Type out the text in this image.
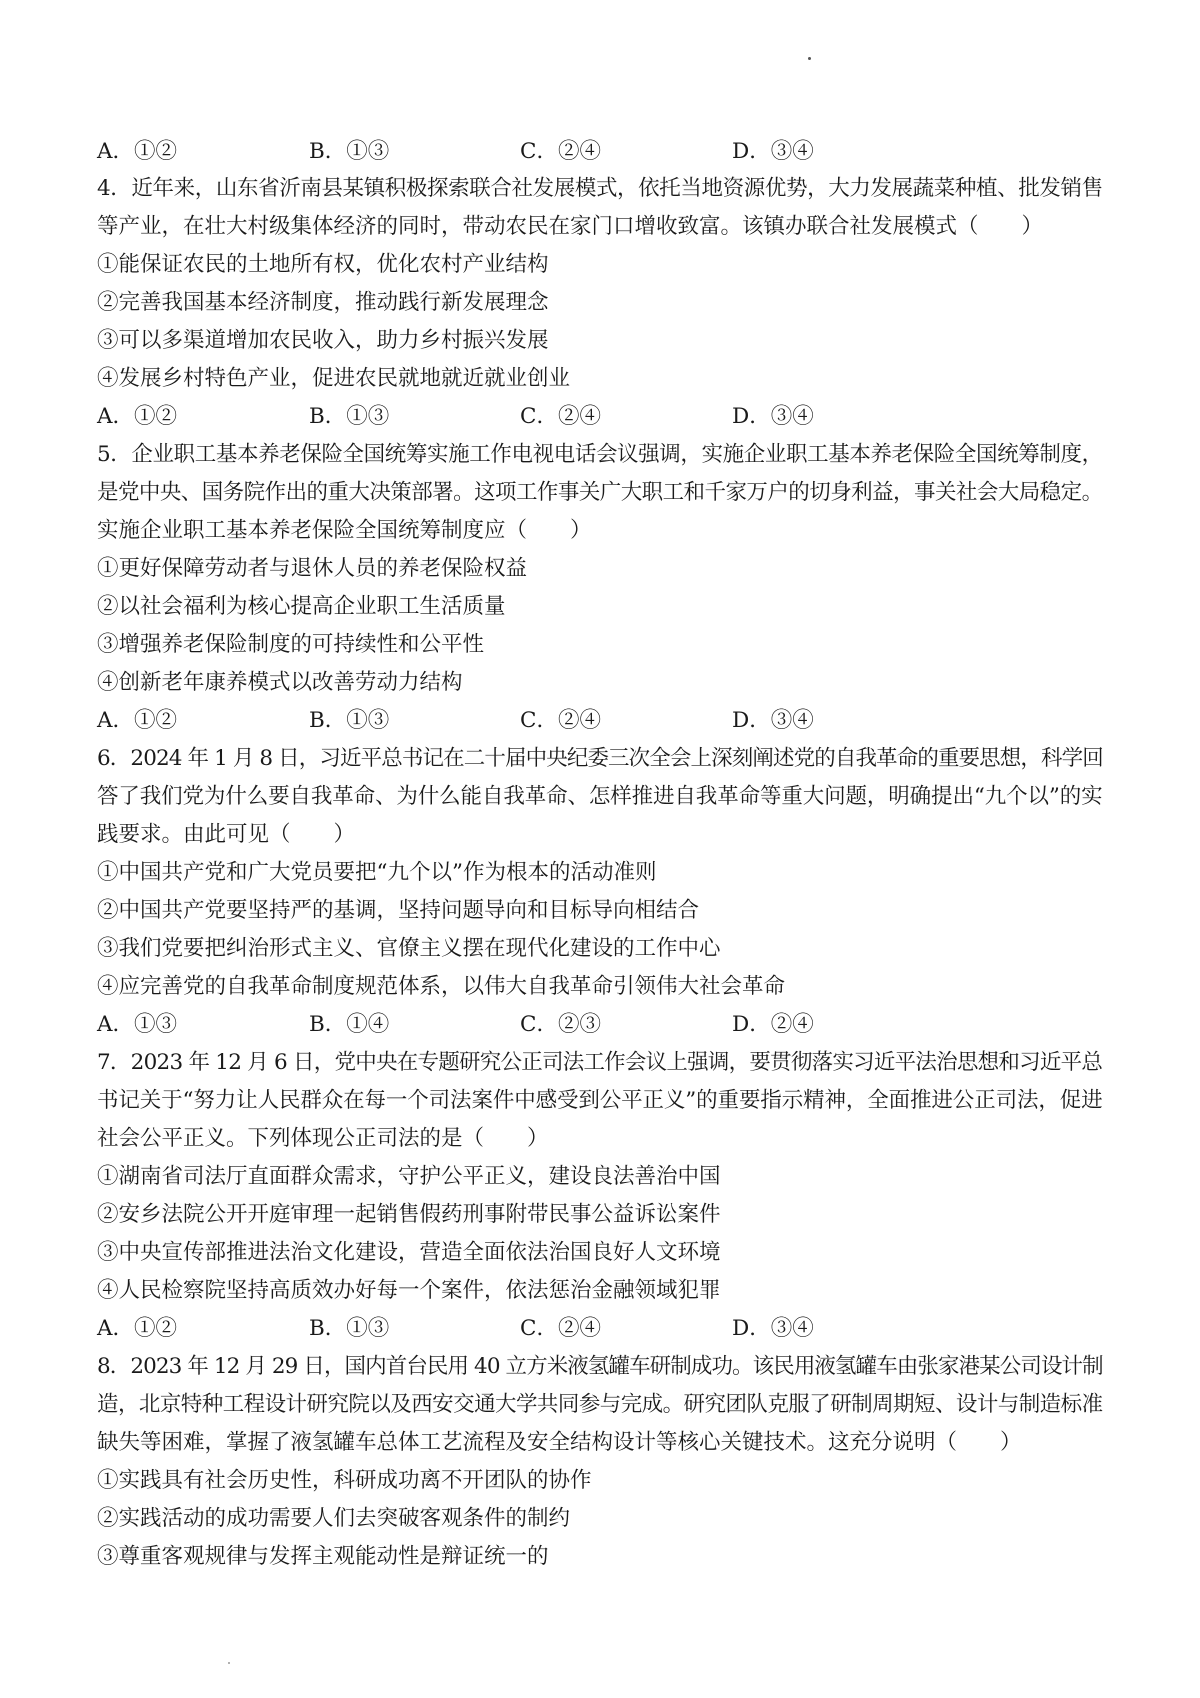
A．①②	B．①③	C．②④	D．③④
4．近年来，山东省沂南县某镇积极探索联合社发展模式，依托当地资源优势，大力发展蔬菜种植、批发销售
等产业，在壮大村级集体经济的同时，带动农民在家门口增收致富。该镇办联合社发展模式（　　）
①能保证农民的土地所有权，优化农村产业结构
②完善我国基本经济制度，推动践行新发展理念
③可以多渠道增加农民收入，助力乡村振兴发展
④发展乡村特色产业，促进农民就地就近就业创业
A．①②	B．①③	C．②④	D．③④
5．企业职工基本养老保险全国统筹实施工作电视电话会议强调，实施企业职工基本养老保险全国统筹制度，
是党中央、国务院作出的重大决策部署。这项工作事关广大职工和千家万户的切身利益，事关社会大局稳定。
实施企业职工基本养老保险全国统筹制度应（　　）
①更好保障劳动者与退休人员的养老保险权益
②以社会福利为核心提高企业职工生活质量
③增强养老保险制度的可持续性和公平性
④创新老年康养模式以改善劳动力结构
A．①②	B．①③	C．②④	D．③④
6．2024 年 1 月 8 日，习近平总书记在二十届中央纪委三次全会上深刻阐述党的自我革命的重要思想，科学回
答了我们党为什么要自我革命、为什么能自我革命、怎样推进自我革命等重大问题，明确提出“九个以”的实
践要求。由此可见（　　）
①中国共产党和广大党员要把“九个以”作为根本的活动准则
②中国共产党要坚持严的基调，坚持问题导向和目标导向相结合
③我们党要把纠治形式主义、官僚主义摆在现代化建设的工作中心
④应完善党的自我革命制度规范体系，以伟大自我革命引领伟大社会革命
A．①③	B．①④	C．②③	D．②④
7．2023 年 12 月 6 日，党中央在专题研究公正司法工作会议上强调，要贯彻落实习近平法治思想和习近平总
书记关于“努力让人民群众在每一个司法案件中感受到公平正义”的重要指示精神，全面推进公正司法，促进
社会公平正义。下列体现公正司法的是（　　）
①湖南省司法厅直面群众需求，守护公平正义，建设良法善治中国
②安乡法院公开开庭审理一起销售假药刑事附带民事公益诉讼案件
③中央宣传部推进法治文化建设，营造全面依法治国良好人文环境
④人民检察院坚持高质效办好每一个案件，依法惩治金融领域犯罪
A．①②	B．①③	C．②④	D．③④
8．2023 年 12 月 29 日，国内首台民用 40 立方米液氢罐车研制成功。该民用液氢罐车由张家港某公司设计制
造，北京特种工程设计研究院以及西安交通大学共同参与完成。研究团队克服了研制周期短、设计与制造标准
缺失等困难，掌握了液氢罐车总体工艺流程及安全结构设计等核心关键技术。这充分说明（　　）
①实践具有社会历史性，科研成功离不开团队的协作
②实践活动的成功需要人们去突破客观条件的制约
③尊重客观规律与发挥主观能动性是辩证统一的
